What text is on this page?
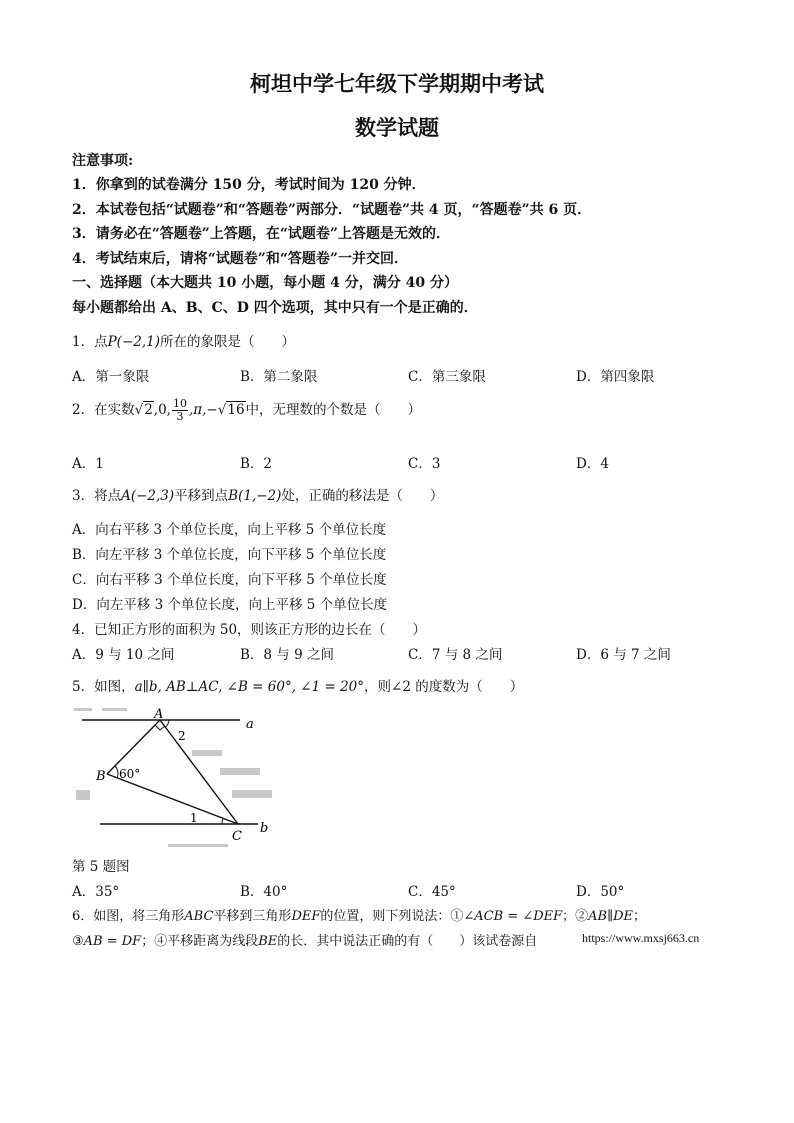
柯坦中学七年级下学期期中考试
数学试题
注意事项:
1．你拿到的试卷满分 150 分，考试时间为 120 分钟．
2．本试卷包括“试题卷”和“答题卷”两部分．“试题卷”共 4 页，“答题卷”共 6 页．
3．请务必在“答题卷”上答题，在“试题卷”上答题是无效的．
4．考试结束后，请将“试题卷”和“答题卷”一并交回．
一、选择题（本大题共 10 小题，每小题 4 分，满分 40 分）
每小题都给出 A、B、C、D 四个选项，其中只有一个是正确的．
1．点P(−2,1)所在的象限是（　　）
A．第一象限	B．第二象限	C．第三象限	D．第四象限
2．在实数√2,0, $\frac{10}{3} ,\pi,-√16$中，无理数的个数是（　　）
A．1	B．2	C．3	D．4
3．将点A(−2,3)平移到点B(1,−2)处，正确的移法是（　　）
A．向右平移 3 个单位长度，向上平移 5 个单位长度
B．向左平移 3 个单位长度，向下平移 5 个单位长度
C．向右平移 3 个单位长度，向下平移 5 个单位长度
D．向左平移 3 个单位长度，向上平移 5 个单位长度
4．已知正方形的面积为 50，则该正方形的边长在（　　）
A．9 与 10 之间	B．8 与 9 之间	C．7 与 8 之间	D．6 与 7 之间
5．如图，a∥b, AB⊥AC, ∠B = 60°, ∠1 = 20°，则∠2 的度数为（　　）
A
B
C
a
b
60°
1
2
第 5 题图
A．35°	B．40°	C．45°	D．50°
6．如图，将三角形ABC平移到三角形DEF的位置，则下列说法：①∠ACB = ∠DEF；②AB∥DE；
③AB = DF；④平移距离为线段BE的长．其中说法正确的有（　　）该试卷源自	https://www.mxsj663.cn
